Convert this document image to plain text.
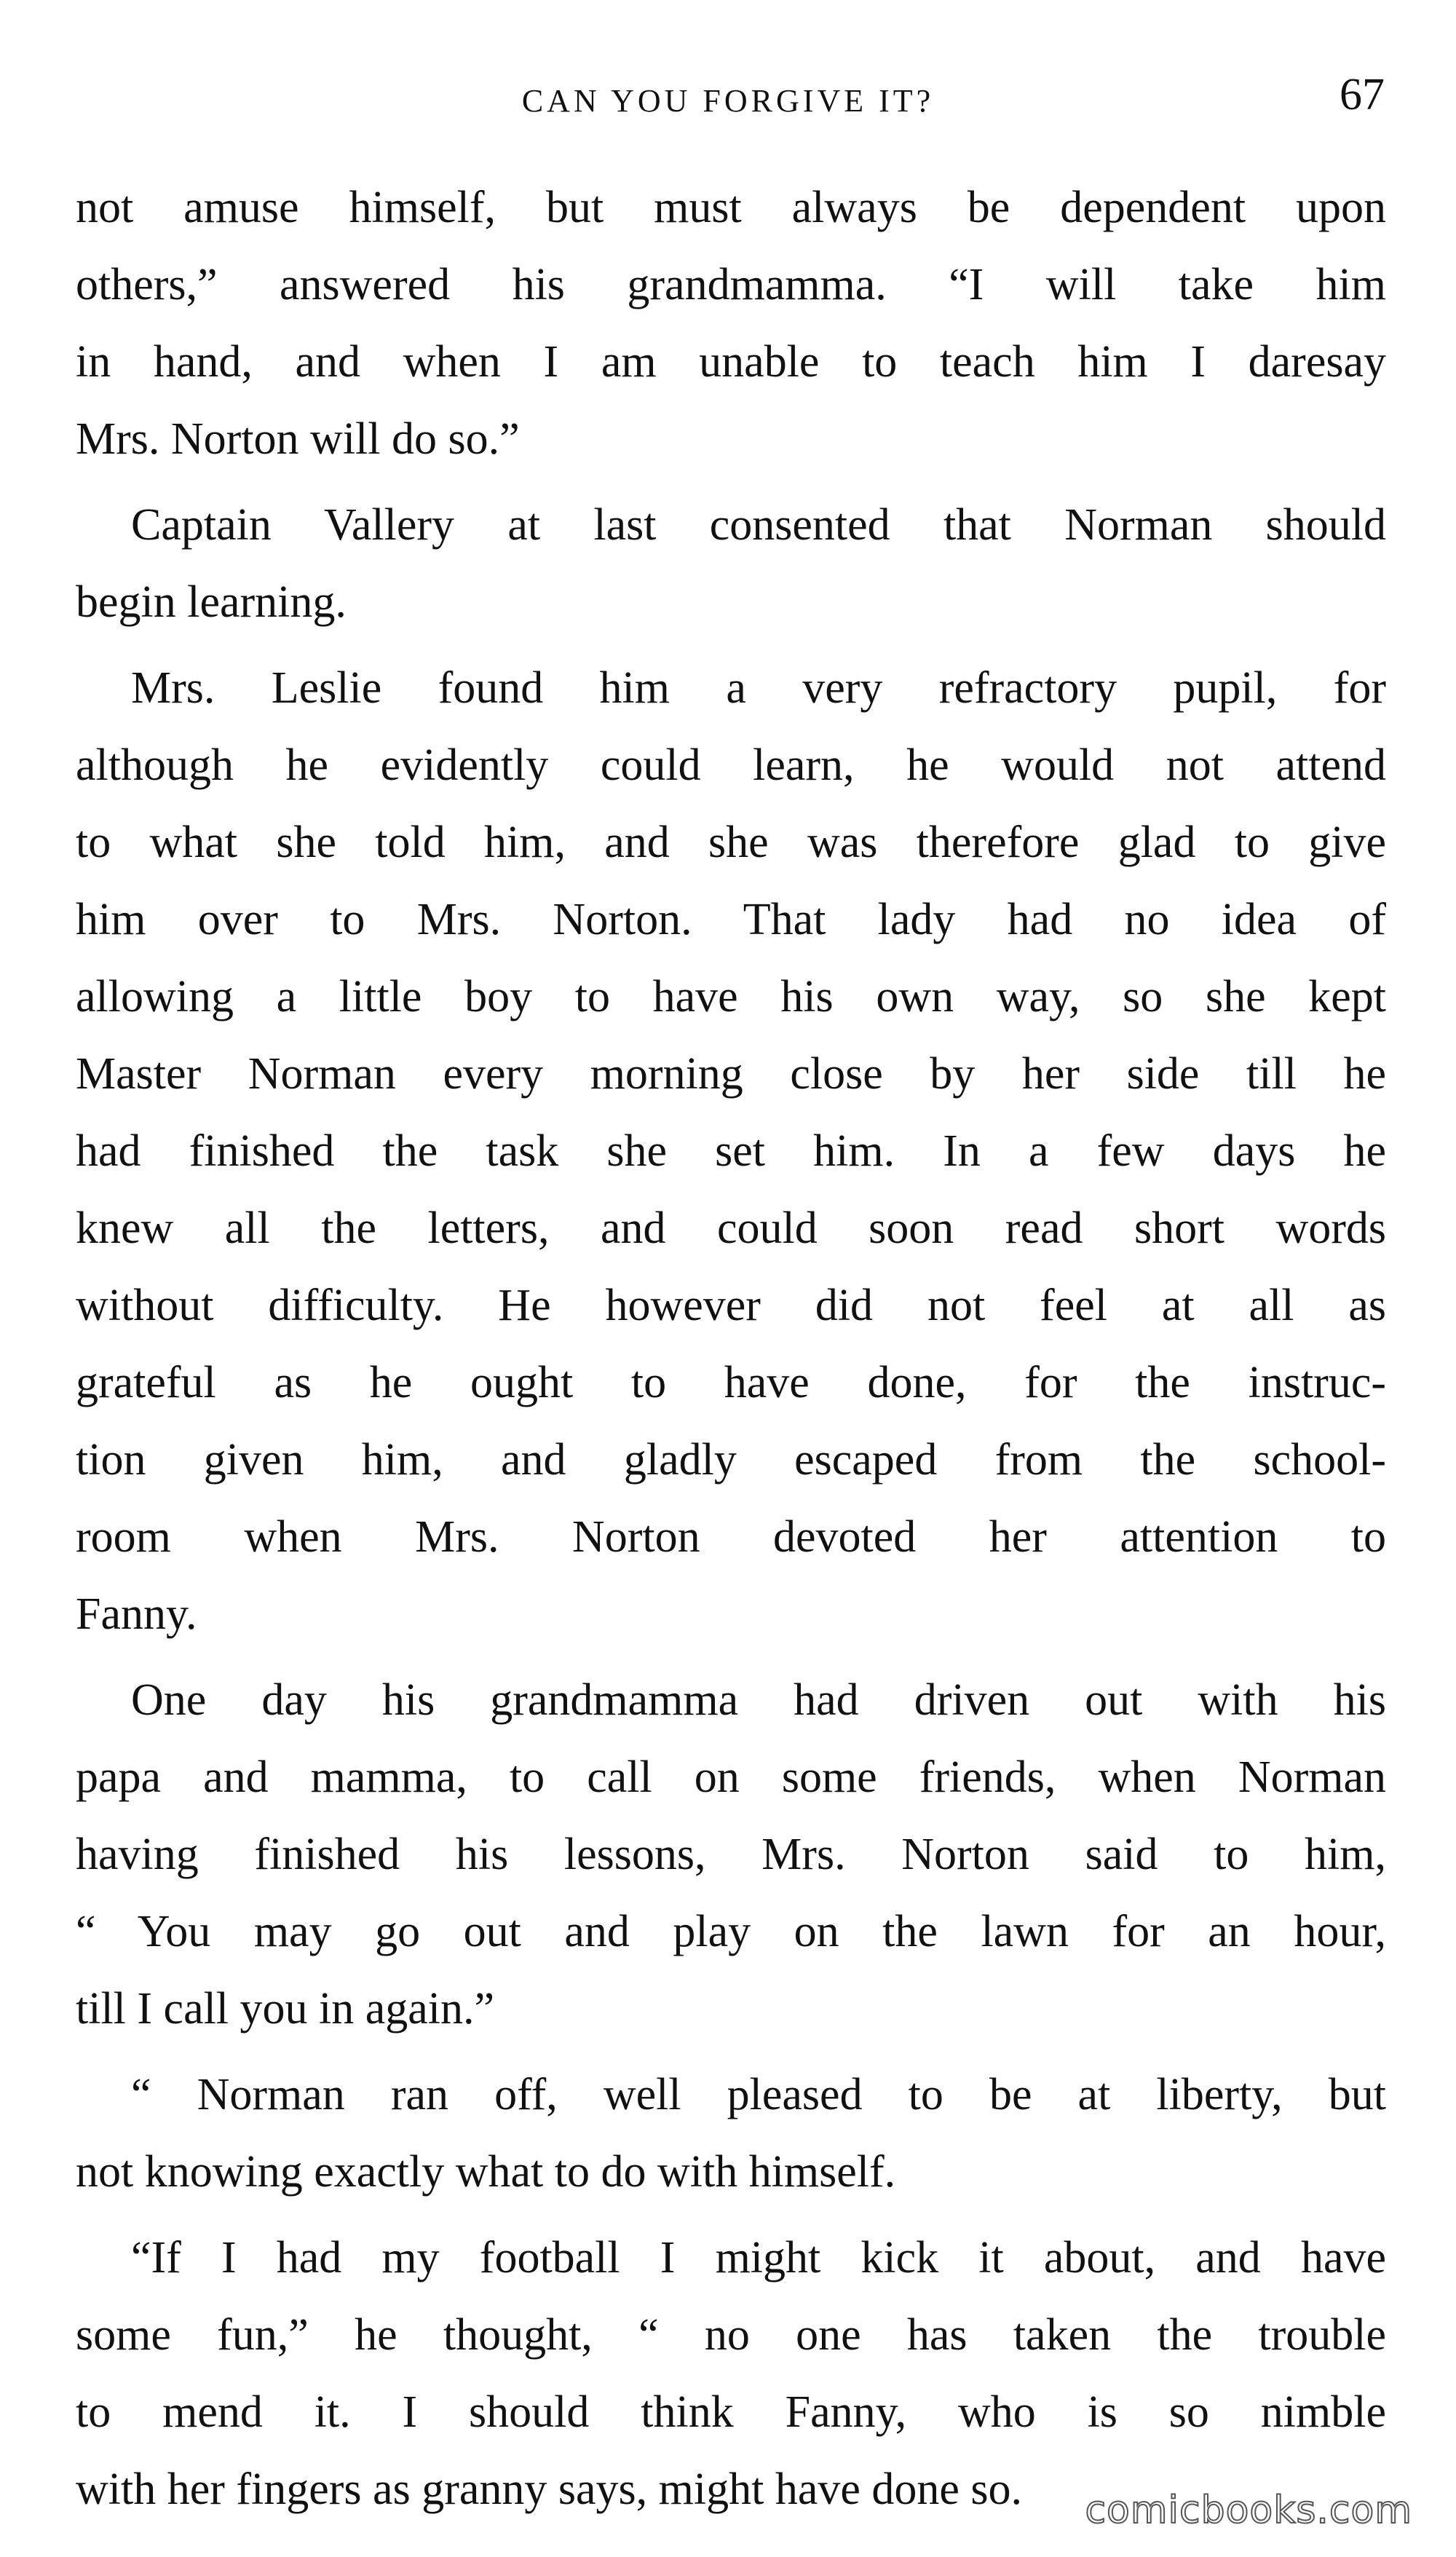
CAN YOU FORGIVE IT?	67
not amuse himself, but must always be dependent upon
others,” answered his grandmamma. “I will take him
in hand, and when I am unable to teach him I daresay
Mrs. Norton will do so.”
Captain Vallery at last consented that Norman should
begin learning.
Mrs. Leslie found him a very refractory pupil, for
although he evidently could learn, he would not attend
to what she told him, and she was therefore glad to give
him over to Mrs. Norton. That lady had no idea of
allowing a little boy to have his own way, so she kept
Master Norman every morning close by her side till he
had finished the task she set him. In a few days he
knew all the letters, and could soon read short words
without difficulty. He however did not feel at all as
grateful as he ought to have done, for the instruc-
tion given him, and gladly escaped from the school-
room when Mrs. Norton devoted her attention to
Fanny.
One day his grandmamma had driven out with his
papa and mamma, to call on some friends, when Norman
having finished his lessons, Mrs. Norton said to him,
“ You may go out and play on the lawn for an hour,
till I call you in again.”
“ Norman ran off, well pleased to be at liberty, but
not knowing exactly what to do with himself.
“If I had my football I might kick it about, and have
some fun,” he thought, “ no one has taken the trouble
to mend it. I should think Fanny, who is so nimble
with her fingers as granny says, might have done so.	comicbooks.com
